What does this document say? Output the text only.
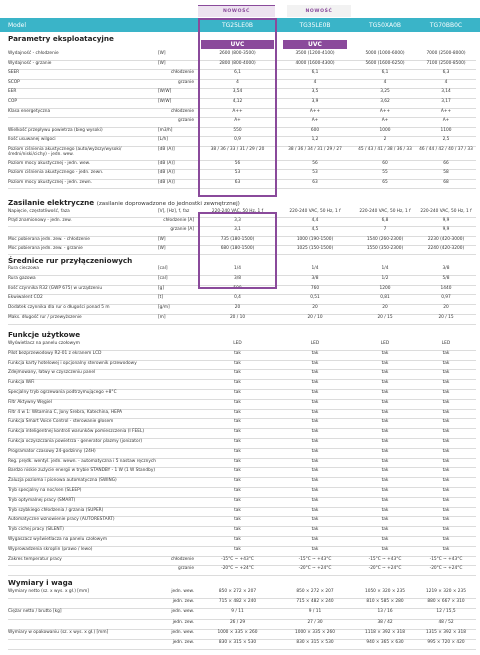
NOWOŚĆ	NOWOŚĆ
Model	TG25LE0B	TG35LE0B	TG50XA0B	TG70BB0C
Parametry eksploatacyjne
UVC	UVC
Wydajność - chłodzenie	[W]	2600 (800-3500)	3500 (1200-4100)	5000 (1000-6000)	7000 (2500-8000)
Wydajność - grzanie	[W]	2800 (800-4000)	4000 (1600-4300)	5600 (1600-6250)	7100 (2500-8500)
SEER	chłodzenie	6,1	6,1	6,1	6,3
SCOP	grzanie	4	4	4	4
EER	[W/W]	3,54	3,5	3,25	3,14
COP	[W/W]	4,12	3,9	3,62	3,17
Klasa energetyczna	chłodzenie	A++	A++	A++	A++
grzanie	A+	A+	A+	A+
Wielkość przepływu powietrza (bieg wysoki)	[m3/h]	550	600	1000	1100
Ilość usuwanej wilgoci	[L/h]	0,9	1,2	2	2,5
Poziom ciśnienia akustycznego (auto/wyższy/wysoki/średni/niski/cichy) - jedn. wew.
[dB (A)]	38 / 36 / 33 / 31 / 29 / 20	38 / 36 / 34 / 31 / 29 / 27	45 / 43 / 41 / 38 / 36 / 33	46 / 44 / 42 / 40 / 37 / 33
Poziom mocy akustycznej - jedn. wew.	[dB (A)]	56	56	60	66
Poziom ciśnienia akustycznego - jedn. zewn.	[dB (A)]	53	53	55	58
Poziom mocy akustycznej - jedn. zewn.	[dB (A)]	63	63	65	68
Zasilanie elektryczne (zasilanie doprowadzone do jednostki zewnętrznej)
Napięcie, częstotliwość, faza	[V], [Hz], f, faz	220-240 VAC, 50 Hz, 1 f	220-240 VAC, 50 Hz, 1 f	220-240 VAC, 50 Hz, 1 f	220-240 VAC, 50 Hz, 1 f
Prąd znamionowy - jedn. zew.	chłodzenie [A]	3,3	4,4	6,8	9,9
grzanie [A]	3,1	4,5	7	9,9
Moc pobierana jedn. zew. - chłodzenie	[W]	735 (180-1500)	1000 (190-1500)	1540 (260-2300)	2230 (420-3000)
Moc pobierana jedn. zew. - grzanie	[W]	680 (180-1500)	1025 (150-1500)	1550 (350-2300)	2240 (420-3200)
Średnice rur przyłączeniowych
Rura cieczowa	[cal]	1/4	1/4	1/4	3/8
Rura gazowa	[cal]	3/8	3/8	1/2	5/8
Ilość czynnika R32 (GWP 675) w urządzeniu	[g]	590	760	1200	1440
Ekwiwalent CO2	[t]	0,4	0,51	0,81	0,97
Dodatek czynnika dla rur o długości ponad 5 m	[g/m]	20	20	20	20
Maks. długość rur / przewyższenie	[m]	20 / 10	20 / 10	20 / 15	20 / 15
Funkcje użytkowe
Wyświetlacz na panelu czołowym	LED	LED	LED	LED
Pilot bezprzewodowy R2-01 z ekranem LCD	tak	tak	tak	tak
Funkcja karty hotelowej i opcjonalny sterownik przewodowy	tak	tak	tak	tak
Zdejmowany, łatwy w czyszczeniu panel	tak	tak	tak	tak
Funkcja WiFi	tak	tak	tak	tak
Specjalny tryb ogrzewania podtrzymującego +8°C	tak	tak	tak	tak
Filtr Aktywny Węgiel	tak	tak	tak	tak
Filtr 4 w 1: Witamina C, Jony Srebra, Katechina, HEPA	tak	tak	tak	tak
Funkcja Smart Voice Control - sterowanie głosem	tak	tak	tak	tak
Funkcja inteligentnej kontroli warunków pomieszczenia (I FEEL)	tak	tak	tak	tak
Funkcja oczyszczania powietrza - generator plazmy (jonizator)	tak	tak	tak	tak
Programator czasowy 24-godzinny (24H)	tak	tak	tak	tak
Reg. prędk. wentyl. jedn. wewn. - automatyczna i 5 nastaw ręcznych	tak	tak	tak	tak
Bardzo niskie zużycie energii w trybie STANDBY - 1 W (1 W Standby)	tak	tak	tak	tak
Żaluzja pozioma i pionowa automatyczna (SWING)	tak	tak	tak	tak
Tryb specjalny na noc/sen (SLEEP)	tak	tak	tak	tak
Tryb optymalnej pracy (SMART)	tak	tak	tak	tak
Tryb szybkiego chłodzenia / grzania (SUPER)	tak	tak	tak	tak
Automatyczne wznowienie pracy (AUTORESTART)	tak	tak	tak	tak
Tryb cichej pracy (SILENT)	tak	tak	tak	tak
Wygaszacz wyświetlacza na panelu czołowym	tak	tak	tak	tak
Wyprowadzenia skroplin (prawo / lewo)	tak	tak	tak	tak
Zakres temperatur pracy	chłodzenie	-15°C ~ +43°C	-15°C ~ +43°C	-15°C ~ +43°C	-15°C ~ +43°C
grzanie	-20°C ~ +24°C	-20°C ~ +24°C	-20°C ~ +24°C	-20°C ~ +24°C
Wymiary i waga
Wymiary netto (sz. x wys. x gł.) [mm]	jedn. wew.	850 × 272 × 207	850 × 272 × 207	1050 × 320 × 235	1219 × 320 × 235
jedn. zew.	715 × 482 × 240	715 × 482 × 240	810 × 585 × 280	880 × 667 × 310
Ciężar netto / brutto [kg]	jedn. wew.	9 / 11	9 / 11	13 / 16	12 / 15,5
jedn. zew.	26 / 29	27 / 30	38 / 42	48 / 52
Wymiary w opakowaniu (sz. x wys. x gł.) [mm]	jedn. wew.	1000 × 335 × 260	1000 × 335 × 260	1118 × 392 × 318	1315 × 392 × 318
jedn. zew.	830 × 315 × 530	830 × 315 × 530	940 × 365 × 630	995 × 720 × 420
